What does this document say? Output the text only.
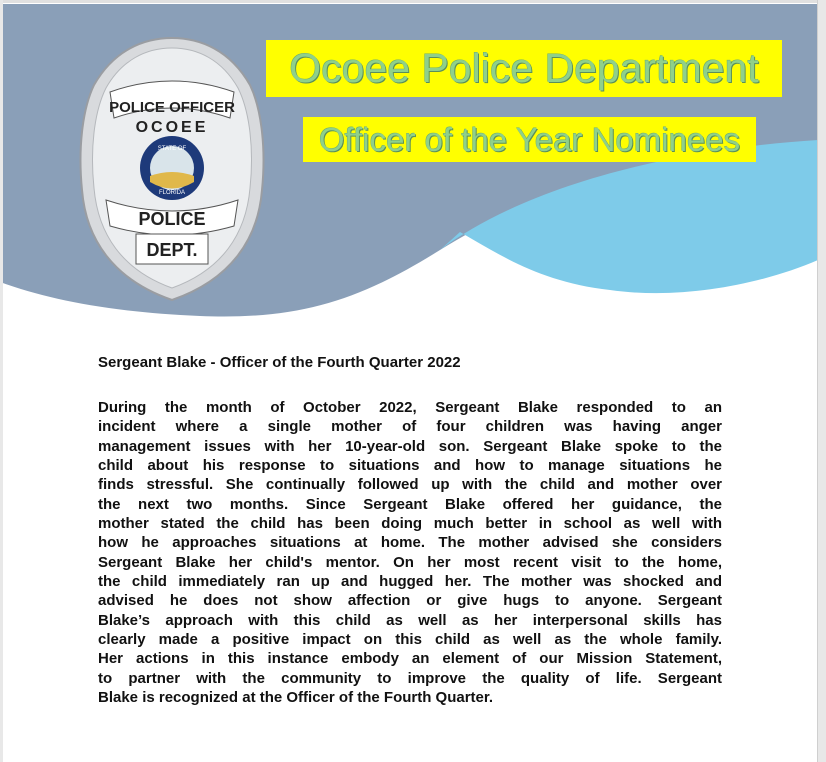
POLICE OFFICER
OCOEE
STATE OF
FLORIDA
POLICE
DEPT.
Ocoee Police Department
Officer of the Year Nominees
Sergeant Blake - Officer of the Fourth Quarter 2022
During the month of October 2022, Sergeant Blake responded to an
incident where a single mother of four children was having anger
management issues with her 10-year-old son. Sergeant Blake spoke to the
child about his response to situations and how to manage situations he
finds stressful. She continually followed up with the child and mother over
the next two months. Since Sergeant Blake offered her guidance, the
mother stated the child has been doing much better in school as well with
how he approaches situations at home. The mother advised she considers
Sergeant Blake her child's mentor. On her most recent visit to the home,
the child immediately ran up and hugged her. The mother was shocked and
advised he does not show affection or give hugs to anyone. Sergeant
Blake’s approach with this child as well as her interpersonal skills has
clearly made a positive impact on this child as well as the whole family.
Her actions in this instance embody an element of our Mission Statement,
to partner with the community to improve the quality of life. Sergeant
Blake is recognized at the Officer of the Fourth Quarter.
